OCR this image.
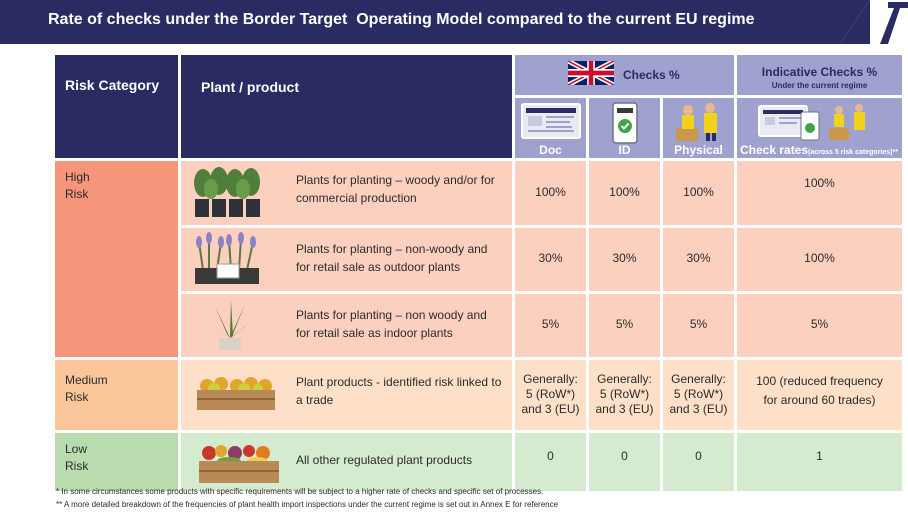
Rate of checks under the Border Target  Operating Model compared to the current EU regime
Risk Category	Plant / product	Checks %			Indicative Checks %
Under the current regime

		Doc	ID	Physical	Check rates(across 5 risk categories)**

High
Risk	Plants for planting – woody and/or for commercial production	100%	100%	100%	100%

	Plants for planting – non-woody and for retail sale as outdoor plants	30%	30%	30%	100%

	Plants for planting – non woody and for retail sale as indoor plants	5%	5%	5%	5%

Medium
Risk	Plant products - identified risk linked to a trade	Generally: 5 (RoW*) and 3 (EU)	Generally: 5 (RoW*) and 3 (EU)	Generally: 5 (RoW*) and 3 (EU)	100 (reduced frequency for around 60 trades)

Low
Risk	All other regulated plant products	0	0	0	1
* In some circumstances some products with specific requirements will be subject to a higher rate of checks and specific set of processes.
** A more detailed breakdown of the frequencies of plant health import inspections under the current regime is set out in Annex E for reference
